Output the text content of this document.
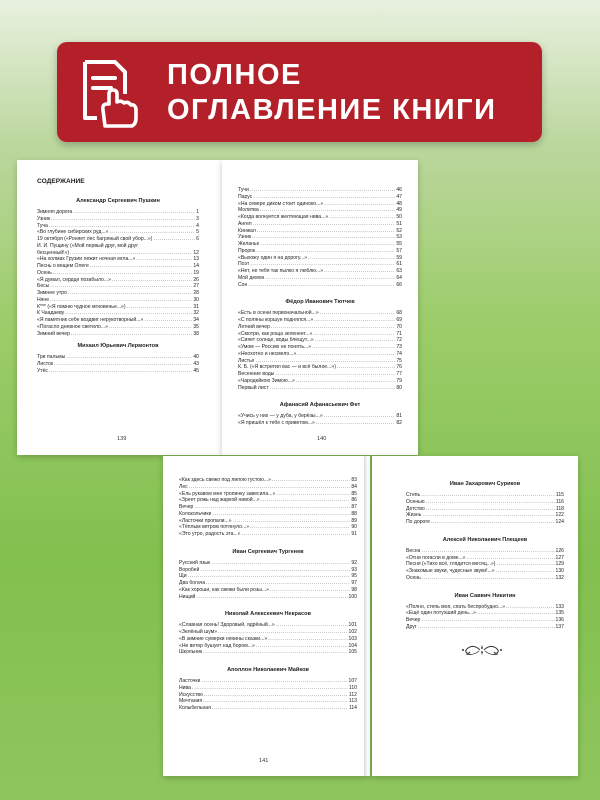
ПОЛНОЕ
ОГЛАВЛЕНИЕ КНИГИ
СОДЕРЖАНИЕ
Александр Сергеевич Пушкин
Зимняя дорога . . .	1
Узник . . .	3
Туча . . .	4
«Во глубине сибирских руд...» . . .	5
19 октября («Роняет лес багряный свой убор...») . . .	6
И. И. Пущину («Мой первый друг, мой друг
бесценный!») . . .	12
«На холмах Грузии лежит ночная мгла...» . . .	13
Песнь о вещем Олеге . . .	14
Осень . . .	19
«Я думал, сердце позабыло...» . . .	26
Бесы . . .	27
Зимнее утро . . .	28
Няне . . .	30
К*** («Я помню чудное мгновенье...») . . .	31
К Чаадаеву . . .	32
«Я памятник себе воздвиг нерукотворный...» . . .	34
«Погасло дневное светило...» . . .	35
Зимний вечер . . .	38
Михаил Юрьевич Лермонтов
Три пальмы . . .	40
Листок . . .	43
Утёс . . .	45
139
Тучи . . .	46
Парус . . .	47
«На севере диком стоит одиноко...» . . .	48
Молитва . . .	49
«Когда волнуется желтеющая нива...» . . .	50
Ангел . . .	51
Кинжал . . .	52
Узник . . .	53
Желанье . . .	55
Пророк . . .	57
«Выхожу один я на дорогу...» . . .	59
Поэт . . .	61
«Нет, не тебя так пылко я люблю...» . . .	63
Мой демон . . .	64
Сон . . .	66
Фёдор Иванович Тютчев
«Есть в осени первоначальной...» . . .	68
«С поляны коршун поднялся...» . . .	69
Летний вечер . . .	70
«Смотри, как роща зеленеет...» . . .	71
«Сияет солнце, воды блещут...» . . .	72
«Умом — Россию не понять...» . . .	73
«Неохотно и несмело...» . . .	74
Листья . . .	75
К. Б. («Я встретил вас — и всё былое...») . . .	76
Весенние воды . . .	77
«Чародейкою Зимою...» . . .	79
Первый лист . . .	80
Афанасий Афанасьевич Фет
«Учись у них — у дуба, у берёзы...» . . .	81
«Я пришёл к тебе с приветом...» . . .	82
140
«Как здесь свежо под липою густою...» . . .	83
Лес . . .	84
«Ель рукавом мне тропинку завесила...» . . .	85
«Зреет рожь над жаркой нивой...» . . .	86
Вечер . . .	87
Колокольчики . . .	88
«Ласточки пропали...» . . .	89
«Тёплым ветром потянуло...» . . .	90
«Это утро, радость эта...» . . .	91
Иван Сергеевич Тургенев
Русский язык . . .	92
Воробей . . .	93
Щи . . .	95
Два богача . . .	97
«Как хороши, как свежи были розы...» . . .	98
Нищий . . .	100
Николай Алексеевич Некрасов
«Славная осень! Здоровый, ядрёный...» . . .	101
«Зелёный шум» . . .	102
«В зимние сумерки нянины сказки...» . . .	103
«Не ветер бушует над бором...» . . .	104
Школьник . . .	105
Аполлон Николаевич Майков
Ласточки . . .	107
Нива . . .	110
Искусство . . .	112
Мечтания . . .	113
Колыбельная . . .	114
141
Иван Захарович Суриков
Степь . . .	115
Осенью . . .	116
Детство . . .	118
Жизнь . . .	122
По дороге . . .	124
Алексей Николаевич Плещеев
Весна . . .	126
«Отни погасли в доме...» . . .	127
Песня («Тихо всё, глядится месяц...») . . .	129
«Знакомые звуки, чудесные звуки!...» . . .	130
Осень . . .	132
Иван Саввич Никитин
«Полно, степь моя, спать беспробудно...» . . .	133
«Ещё один потухший день...» . . .	135
Вечер . . .	136
Друг . . .	137
